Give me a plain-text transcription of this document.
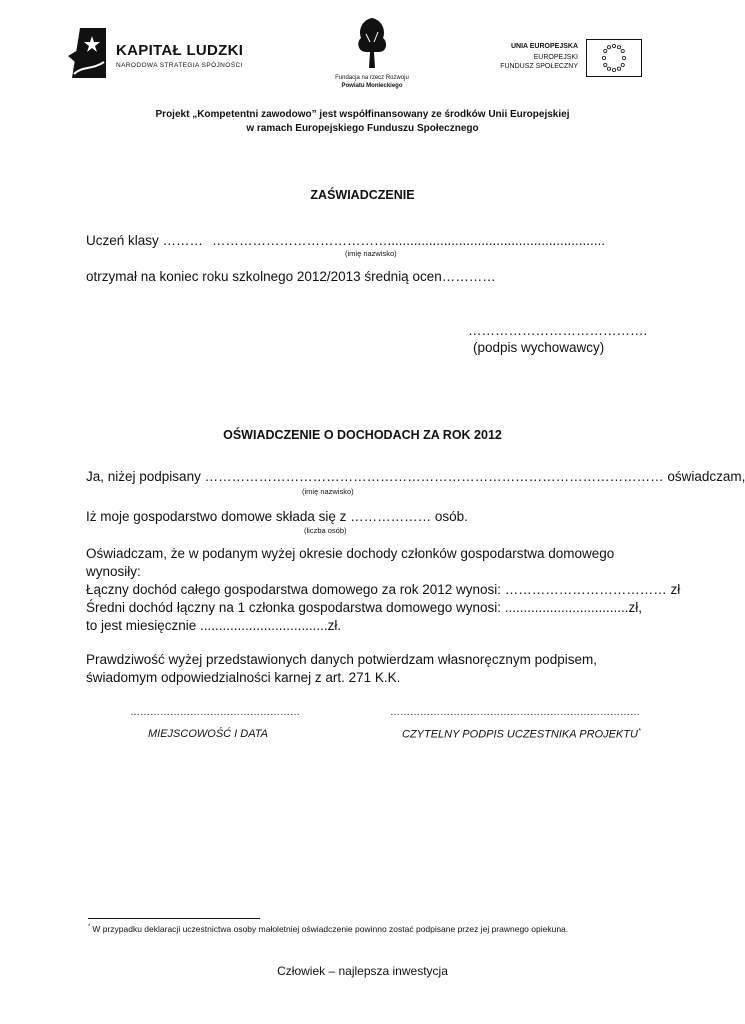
KAPITAŁ LUDZKI
NARODOWA STRATEGIA SPÓJNOŚCI
Fundacja na rzecz Rozwoju
Powiatu Monieckiego
UNIA EUROPEJSKA
EUROPEJSKI
FUNDUSZ SPOŁECZNY
Projekt „Kompetentni zawodowo” jest współfinansowany ze środków Unii Europejskiej
w ramach Europejskiego Funduszu Społecznego
ZAŚWIADCZENIE
Uczeń klasy ……… …………………………………..........................................................
(imię nazwisko)
otrzymał na koniec roku szkolnego 2012/2013 średnią ocen…………
………………………………….
(podpis wychowawcy)
OŚWIADCZENIE O DOCHODACH ZA ROK 2012
Ja, niżej podpisany ………………………………………………………………………………………… oświadczam,
(imię nazwisko)
Iż moje gospodarstwo domowe składa się z ……………… osób.
(liczba osób)
Oświadczam, że w podanym wyżej okresie dochody członków gospodarstwa domowego
wynosiły:
Łączny dochód całego gospodarstwa domowego za rok 2012 wynosi: ……………………………… zł
Średni dochód łączny na 1 członka gospodarstwa domowego wynosi: .................................zł,
to jest miesięcznie ..................................zł.
Prawdziwość wyżej przedstawionych danych potwierdzam własnoręcznym podpisem,
świadomym odpowiedzialności karnej z art. 271 K.K.
……………………………………………	…………………………………………………………………
MIEJSCOWOŚĆ I DATA	CZYTELNY PODPIS UCZESTNIKA PROJEKTU*
* W przypadku deklaracji uczestnictwa osoby małoletniej oświadczenie powinno zostać podpisane przez jej prawnego opiekuna.
Człowiek – najlepsza inwestycja
